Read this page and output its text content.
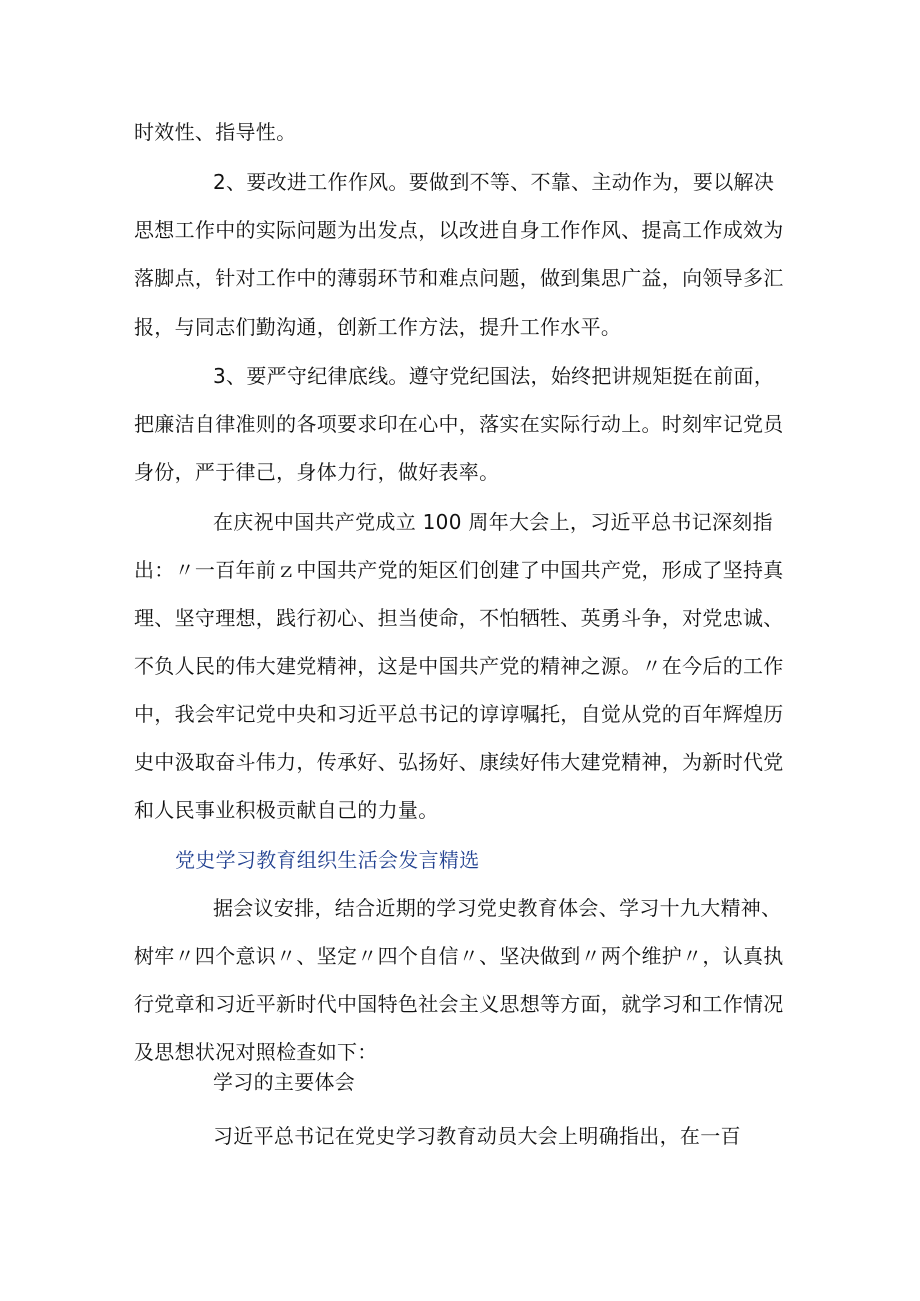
时效性、指导性。
2、要改进工作作风。要做到不等、不靠、主动作为，要以解决
思想工作中的实际问题为出发点，以改进自身工作作风、提高工作成效为
落脚点，针对工作中的薄弱环节和难点问题，做到集思广益，向领导多汇
报，与同志们勤沟通，创新工作方法，提升工作水平。
3、要严守纪律底线。遵守党纪国法，始终把讲规矩挺在前面，
把廉洁自律准则的各项要求印在心中，落实在实际行动上。时刻牢记党员
身份，严于律己，身体力行，做好表率。
在庆祝中国共产党成立 100 周年大会上，习近平总书记深刻指
出：〃一百年前ｚ中国共产党的矩区们创建了中国共产党，形成了坚持真
理、坚守理想，践行初心、担当使命，不怕牺牲、英勇斗争，对党忠诚、
不负人民的伟大建党精神，这是中国共产党的精神之源。〃在今后的工作
中，我会牢记党中央和习近平总书记的谆谆嘱托，自觉从党的百年辉煌历
史中汲取奋斗伟力，传承好、弘扬好、康续好伟大建党精神，为新时代党
和人民事业积极贡献自己的力量。
党史学习教育组织生活会发言精选
据会议安排，结合近期的学习党史教育体会、学习十九大精神、
树牢〃四个意识〃、坚定〃四个自信〃、坚决做到〃两个维护〃，认真执
行党章和习近平新时代中国特色社会主义思想等方面，就学习和工作情况
及思想状况对照检查如下：
学习的主要体会
习近平总书记在党史学习教育动员大会上明确指出，在一百
